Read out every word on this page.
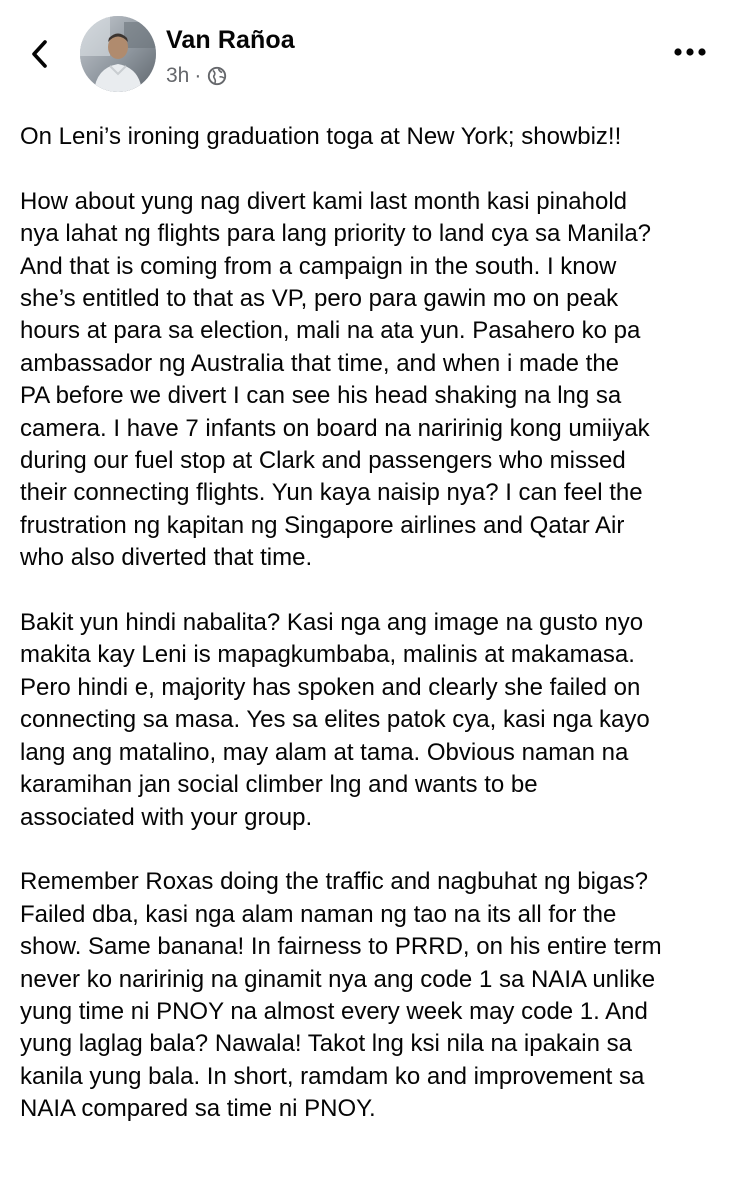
Van Rañoa
3h ·
On Leni’s ironing graduation toga at New York; showbiz!!
How about yung nag divert kami last month kasi pinahold
nya lahat ng flights para lang priority to land cya sa Manila?
And that is coming from a campaign in the south. I know
she’s entitled to that as VP, pero para gawin mo on peak
hours at para sa election, mali na ata yun. Pasahero ko pa
ambassador ng Australia that time, and when i made the
PA before we divert I can see his head shaking na lng sa
camera. I have 7 infants on board na naririnig kong umiiyak
during our fuel stop at Clark and passengers who missed
their connecting flights. Yun kaya naisip nya? I can feel the
frustration ng kapitan ng Singapore airlines and Qatar Air
who also diverted that time.
Bakit yun hindi nabalita? Kasi nga ang image na gusto nyo
makita kay Leni is mapagkumbaba, malinis at makamasa.
Pero hindi e, majority has spoken and clearly she failed on
connecting sa masa. Yes sa elites patok cya, kasi nga kayo
lang ang matalino, may alam at tama. Obvious naman na
karamihan jan social climber lng and wants to be
associated with your group.
Remember Roxas doing the traffic and nagbuhat ng bigas?
Failed dba, kasi nga alam naman ng tao na its all for the
show. Same banana! In fairness to PRRD, on his entire term
never ko naririnig na ginamit nya ang code 1 sa NAIA unlike
yung time ni PNOY na almost every week may code 1. And
yung laglag bala? Nawala! Takot lng ksi nila na ipakain sa
kanila yung bala. In short, ramdam ko and improvement sa
NAIA compared sa time ni PNOY.
